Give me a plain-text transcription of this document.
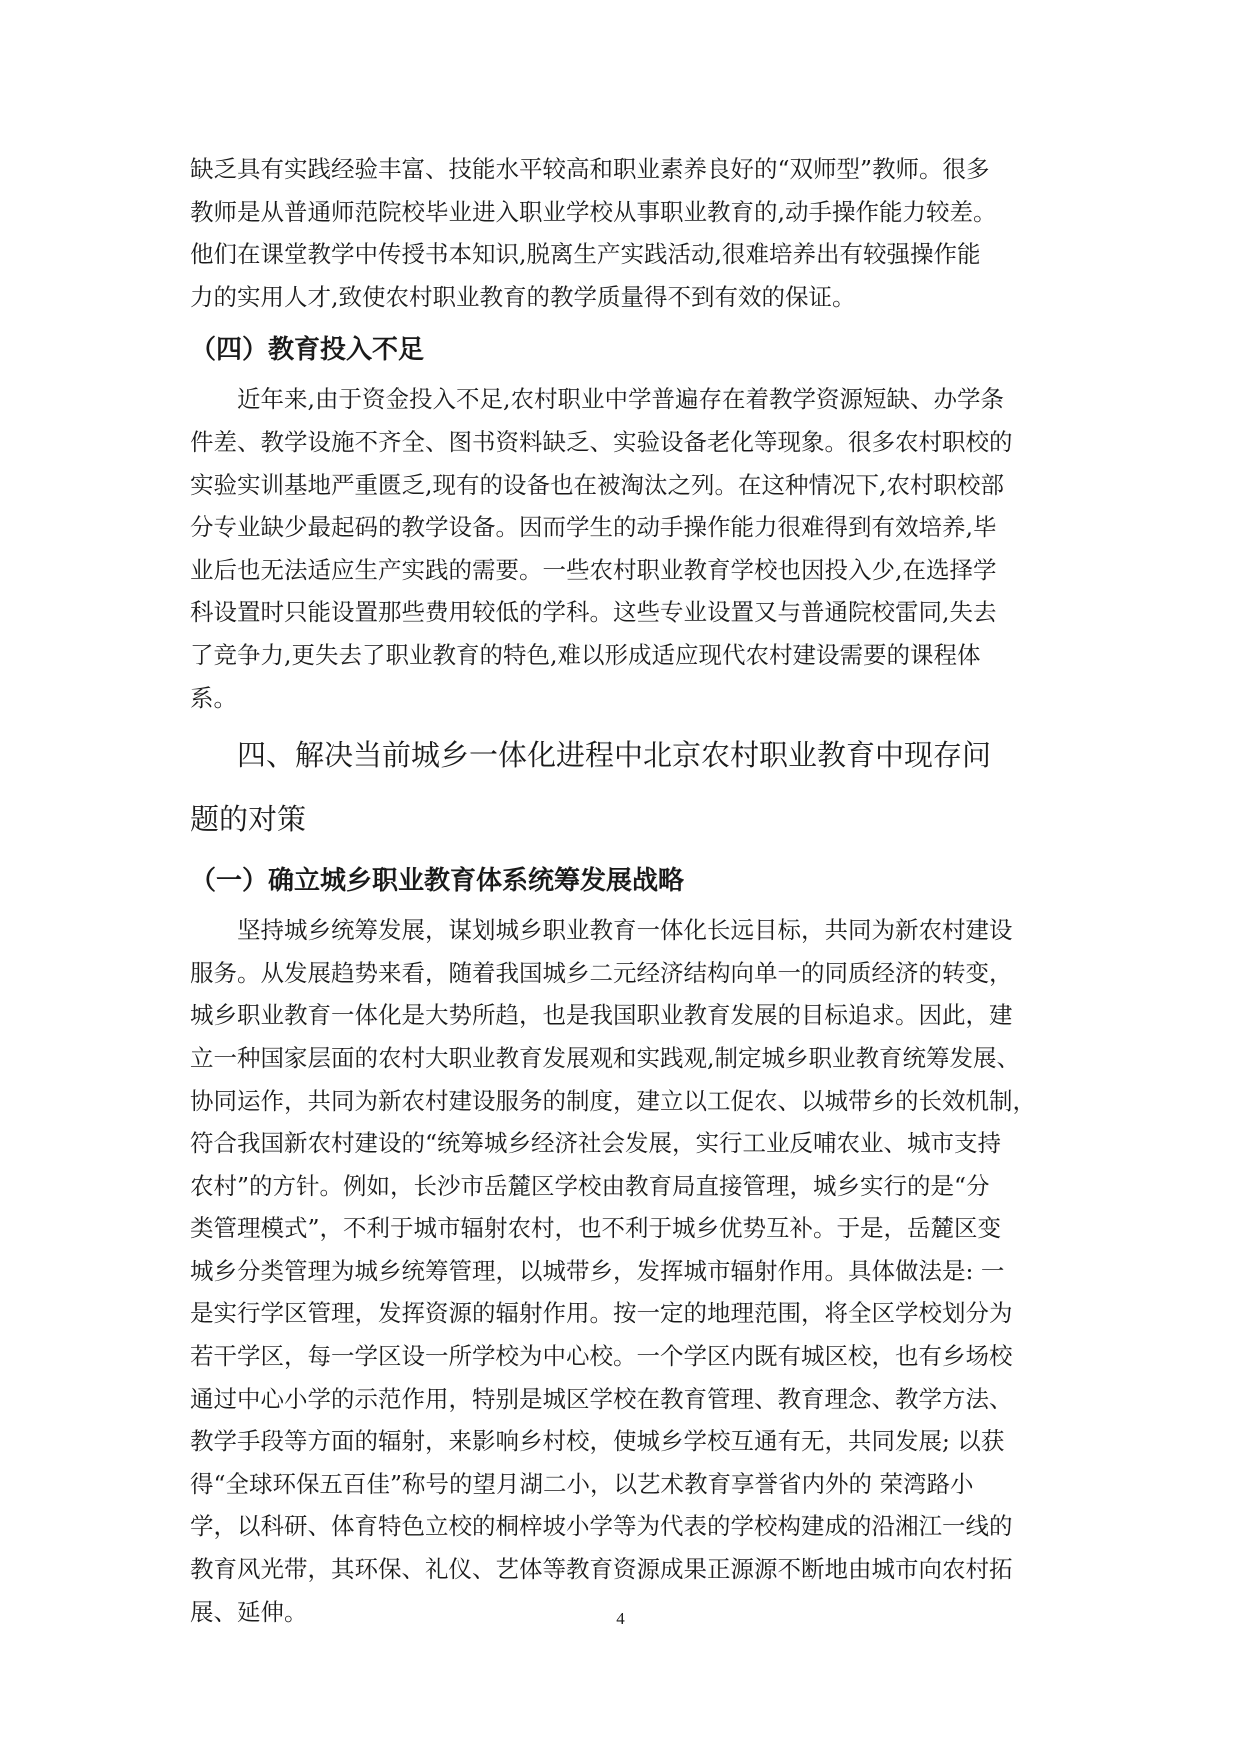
缺乏具有实践经验丰富、技能水平较高和职业素养良好的“双师型”教师。很多
教师是从普通师范院校毕业进入职业学校从事职业教育的,动手操作能力较差。
他们在课堂教学中传授书本知识,脱离生产实践活动,很难培养出有较强操作能
力的实用人才,致使农村职业教育的教学质量得不到有效的保证。

（四）教育投入不足

近年来,由于资金投入不足,农村职业中学普遍存在着教学资源短缺、办学条
件差、教学设施不齐全、图书资料缺乏、实验设备老化等现象。很多农村职校的
实验实训基地严重匮乏,现有的设备也在被淘汰之列。在这种情况下,农村职校部
分专业缺少最起码的教学设备。因而学生的动手操作能力很难得到有效培养,毕
业后也无法适应生产实践的需要。一些农村职业教育学校也因投入少,在选择学
科设置时只能设置那些费用较低的学科。这些专业设置又与普通院校雷同,失去
了竞争力,更失去了职业教育的特色,难以形成适应现代农村建设需要的课程体
系。

四、解决当前城乡一体化进程中北京农村职业教育中现存问
题的对策
（一）确立城乡职业教育体系统筹发展战略

坚持城乡统筹发展，谋划城乡职业教育一体化长远目标，共同为新农村建设
服务。从发展趋势来看，随着我国城乡二元经济结构向单一的同质经济的转变，
城乡职业教育一体化是大势所趋，也是我国职业教育发展的目标追求。因此，建
立一种国家层面的农村大职业教育发展观和实践观,制定城乡职业教育统筹发展、
协同运作，共同为新农村建设服务的制度，建立以工促农、以城带乡的长效机制，
符合我国新农村建设的“统筹城乡经济社会发展，实行工业反哺农业、城市支持
农村”的方针。例如，长沙市岳麓区学校由教育局直接管理，城乡实行的是“分
类管理模式”，不利于城市辐射农村，也不利于城乡优势互补。于是，岳麓区变
城乡分类管理为城乡统筹管理，以城带乡，发挥城市辐射作用。具体做法是: 一
是实行学区管理，发挥资源的辐射作用。按一定的地理范围，将全区学校划分为
若干学区，每一学区设一所学校为中心校。一个学区内既有城区校，也有乡场校
通过中心小学的示范作用，特别是城区学校在教育管理、教育理念、教学方法、
教学手段等方面的辐射，来影响乡村校，使城乡学校互通有无，共同发展; 以获
得“全球环保五百佳”称号的望月湖二小，以艺术教育享誉省内外的 荣湾路小
学，以科研、体育特色立校的桐梓坡小学等为代表的学校构建成的沿湘江一线的
教育风光带，其环保、礼仪、艺体等教育资源成果正源源不断地由城市向农村拓
展、延伸。	4
